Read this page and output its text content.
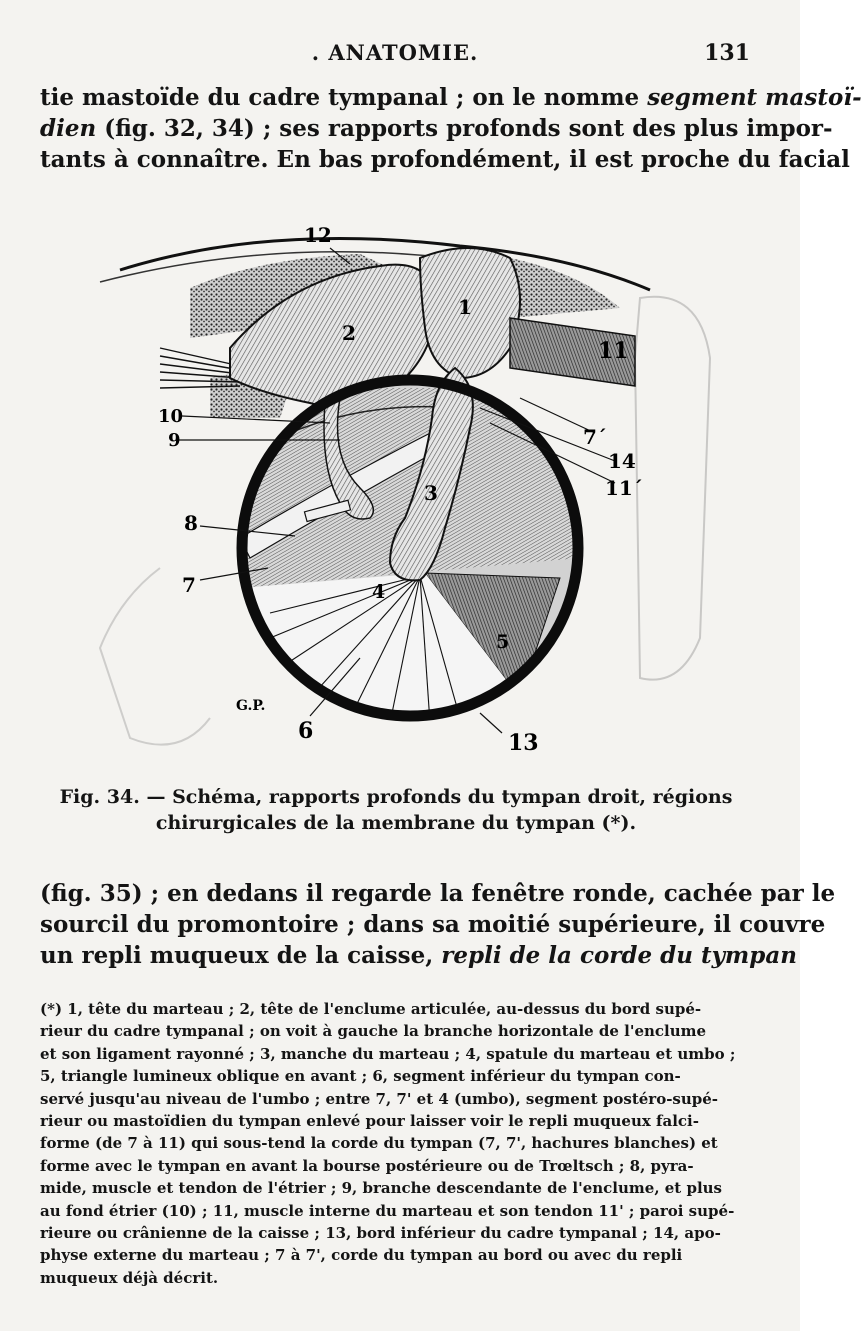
. ANATOMIE.	131
tie mastoïde du cadre tympanal ; on le nomme segment mastoï-
dien (fig. 32, 34) ; ses rapports profonds sont des plus impor-
tants à connaître. En bas profondément, il est proche du facial
12
1
2
11
10
9	7´
14
11´
3
8
7	4
5
6	13
G.P.
Fig. 34. — Schéma, rapports profonds du tympan droit, régions
chirurgicales de la membrane du tympan (*).
(fig. 35) ; en dedans il regarde la fenêtre ronde, cachée par le
sourcil du promontoire ; dans sa moitié supérieure, il couvre
un repli muqueux de la caisse, repli de la corde du tympan
(*) 1, tête du marteau ; 2, tête de l'enclume articulée, au-dessus du bord supé-
rieur du cadre tympanal ; on voit à gauche la branche horizontale de l'enclume
et son ligament rayonné ; 3, manche du marteau ; 4, spatule du marteau et umbo ;
5, triangle lumineux oblique en avant ; 6, segment inférieur du tympan con-
servé jusqu'au niveau de l'umbo ; entre 7, 7' et 4 (umbo), segment postéro-supé-
rieur ou mastoïdien du tympan enlevé pour laisser voir le repli muqueux falci-
forme (de 7 à 11) qui sous-tend la corde du tympan (7, 7', hachures blanches) et
forme avec le tympan en avant la bourse postérieure ou de Trœltsch ; 8, pyra-
mide, muscle et tendon de l'étrier ; 9, branche descendante de l'enclume, et plus
au fond étrier (10) ; 11, muscle interne du marteau et son tendon 11' ; paroi supé-
rieure ou crânienne de la caisse ; 13, bord inférieur du cadre tympanal ; 14, apo-
physe externe du marteau ; 7 à 7', corde du tympan au bord ou avec du repli
muqueux déjà décrit.
